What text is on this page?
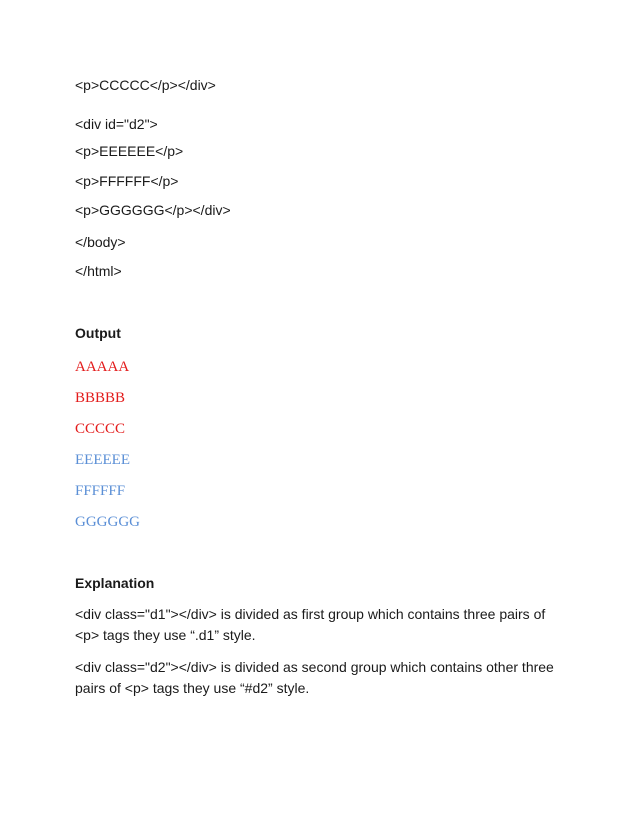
<p>CCCCC</p></div>
<div id="d2">
<p>EEEEEE</p>
<p>FFFFFF</p>
<p>GGGGGG</p></div>
</body>
</html>
Output
AAAAA
BBBBB
CCCCC
EEEEEE
FFFFFF
GGGGGG
Explanation
<div class="d1"></div> is divided as first group which contains three pairs of <p> tags they use “.d1” style.
<div class="d2"></div> is divided as second group which contains other three pairs of <p> tags they use “#d2” style.
